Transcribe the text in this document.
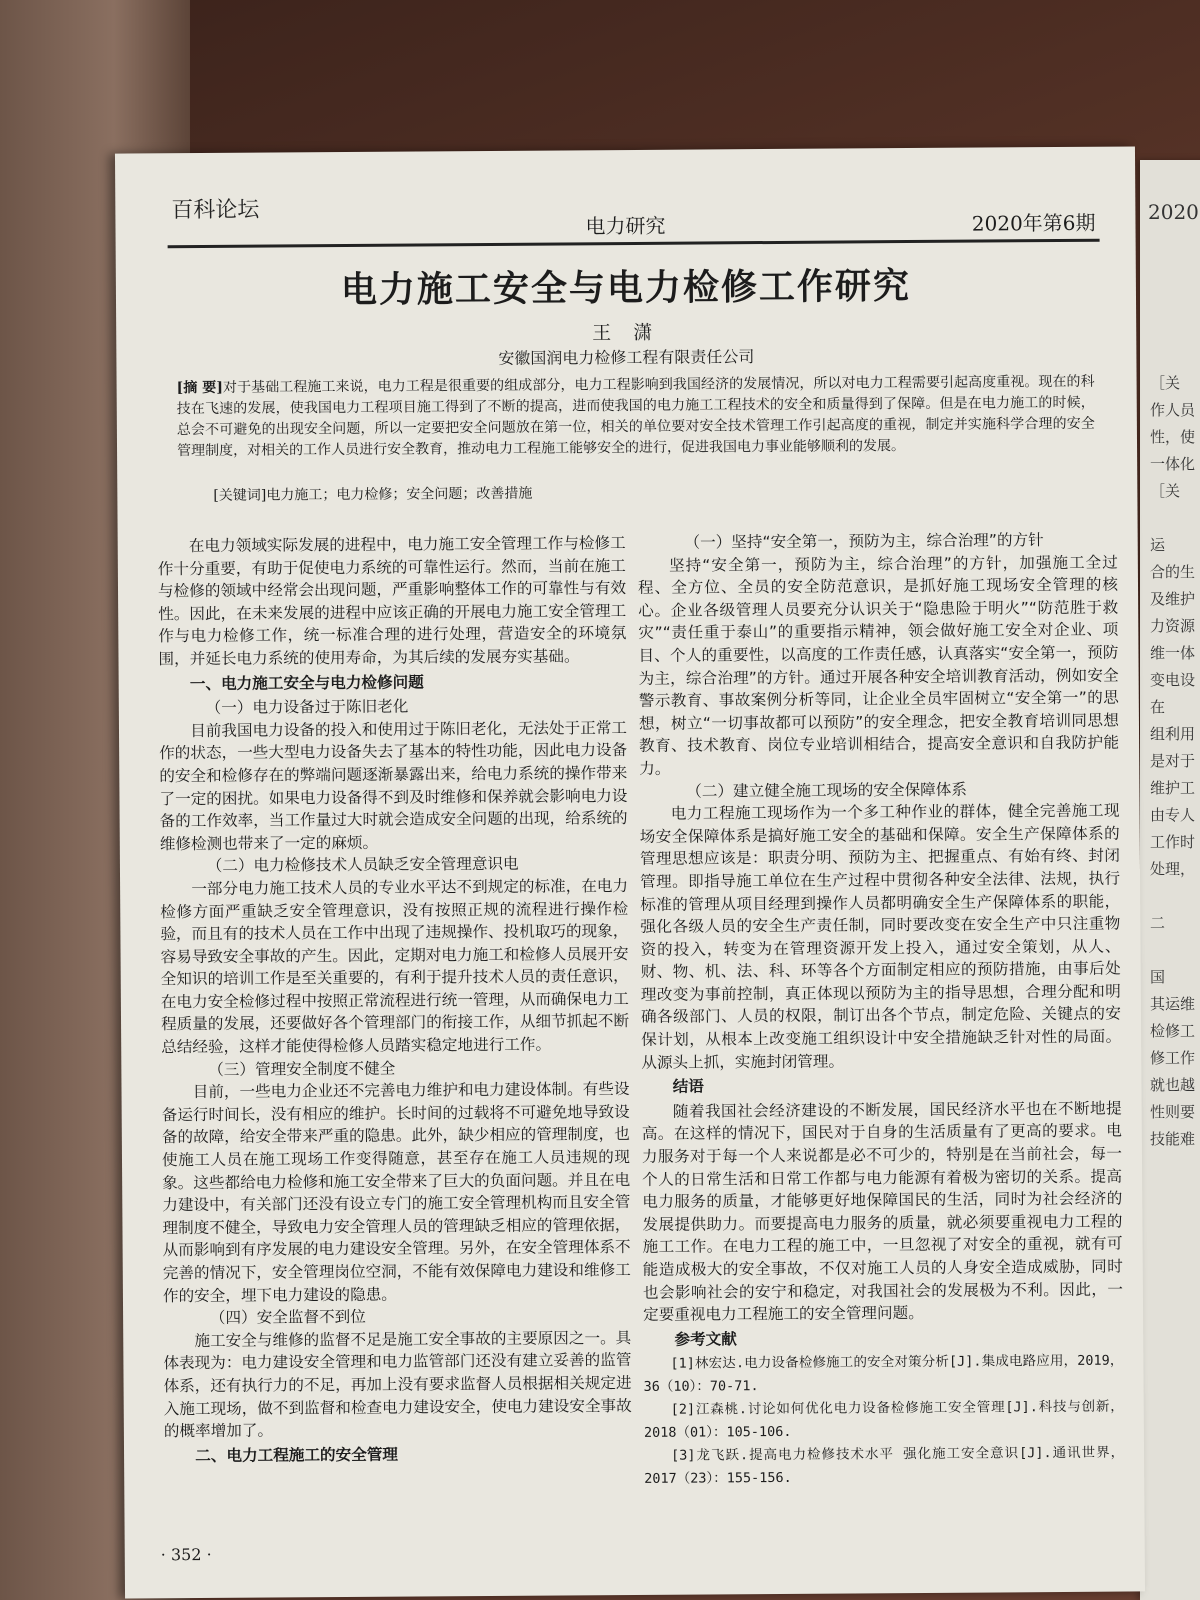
2020
［关
作人员
性，使
一体化
［关

运
合的生
及维护
力资源
维一体
变电设
在
组利用
是对于
维护工
由专人
工作时
处理，

二

国
其运维
检修工
修工作
就也越
性则要
技能难
百科论坛
电力研究	2020年第6期
电力施工安全与电力检修工作研究
王 潇
安徽国润电力检修工程有限责任公司
[摘 要]对于基础工程施工来说，电力工程是很重要的组成部分，电力工程影响到我国经济的发展情况，所以对电力工程需要引起高度重视。现在的科技在飞速的发展，使我国电力工程项目施工得到了不断的提高，进而使我国的电力施工工程技术的安全和质量得到了保障。但是在电力施工的时候，总会不可避免的出现安全问题，所以一定要把安全问题放在第一位，相关的单位要对安全技术管理工作引起高度的重视，制定并实施科学合理的安全管理制度，对相关的工作人员进行安全教育，推动电力工程施工能够安全的进行，促进我国电力事业能够顺利的发展。
[关键词]电力施工；电力检修；安全问题；改善措施

在电力领域实际发展的进程中，电力施工安全管理工作与检修工作十分重要，有助于促使电力系统的可靠性运行。然而，当前在施工与检修的领域中经常会出现问题，严重影响整体工作的可靠性与有效性。因此，在未来发展的进程中应该正确的开展电力施工安全管理工作与电力检修工作，统一标准合理的进行处理，营造安全的环境氛围，并延长电力系统的使用寿命，为其后续的发展夯实基础。

一、电力施工安全与电力检修问题
（一）电力设备过于陈旧老化

目前我国电力设备的投入和使用过于陈旧老化，无法处于正常工作的状态，一些大型电力设备失去了基本的特性功能，因此电力设备的安全和检修存在的弊端问题逐渐暴露出来，给电力系统的操作带来了一定的困扰。如果电力设备得不到及时维修和保养就会影响电力设备的工作效率，当工作量过大时就会造成安全问题的出现，给系统的维修检测也带来了一定的麻烦。

（二）电力检修技术人员缺乏安全管理意识电

一部分电力施工技术人员的专业水平达不到规定的标准，在电力检修方面严重缺乏安全管理意识，没有按照正规的流程进行操作检验，而且有的技术人员在工作中出现了违规操作、投机取巧的现象，容易导致安全事故的产生。因此，定期对电力施工和检修人员展开安全知识的培训工作是至关重要的，有利于提升技术人员的责任意识，在电力安全检修过程中按照正常流程进行统一管理，从而确保电力工程质量的发展，还要做好各个管理部门的衔接工作，从细节抓起不断总结经验，这样才能使得检修人员踏实稳定地进行工作。

（三）管理安全制度不健全

目前，一些电力企业还不完善电力维护和电力建设体制。有些设备运行时间长，没有相应的维护。长时间的过载将不可避免地导致设备的故障，给安全带来严重的隐患。此外，缺少相应的管理制度，也使施工人员在施工现场工作变得随意，甚至存在施工人员违规的现象。这些都给电力检修和施工安全带来了巨大的负面问题。并且在电力建设中，有关部门还没有设立专门的施工安全管理机构而且安全管理制度不健全，导致电力安全管理人员的管理缺乏相应的管理依据，从而影响到有序发展的电力建设安全管理。另外，在安全管理体系不完善的情况下，安全管理岗位空洞，不能有效保障电力建设和维修工作的安全，埋下电力建设的隐患。

（四）安全监督不到位

施工安全与维修的监督不足是施工安全事故的主要原因之一。具体表现为：电力建设安全管理和电力监管部门还没有建立妥善的监管体系，还有执行力的不足，再加上没有要求监督人员根据相关规定进入施工现场，做不到监督和检查电力建设安全，使电力建设安全事故的概率增加了。

二、电力工程施工的安全管理
（一）坚持“安全第一，预防为主，综合治理”的方针

坚持“安全第一，预防为主，综合治理”的方针，加强施工全过程、全方位、全员的安全防范意识，是抓好施工现场安全管理的核心。企业各级管理人员要充分认识关于“隐患险于明火”“防范胜于救灾”“责任重于泰山”的重要指示精神，领会做好施工安全对企业、项目、个人的重要性，以高度的工作责任感，认真落实“安全第一，预防为主，综合治理”的方针。通过开展各种安全培训教育活动，例如安全警示教育、事故案例分析等同，让企业全员牢固树立“安全第一”的思想，树立“一切事故都可以预防”的安全理念，把安全教育培训同思想教育、技术教育、岗位专业培训相结合，提高安全意识和自我防护能力。

（二）建立健全施工现场的安全保障体系

电力工程施工现场作为一个多工种作业的群体，健全完善施工现场安全保障体系是搞好施工安全的基础和保障。安全生产保障体系的管理思想应该是：职责分明、预防为主、把握重点、有始有终、封闭管理。即指导施工单位在生产过程中贯彻各种安全法律、法规，执行标准的管理从项目经理到操作人员都明确安全生产保障体系的职能，强化各级人员的安全生产责任制，同时要改变在安全生产中只注重物资的投入，转变为在管理资源开发上投入，通过安全策划，从人、财、物、机、法、科、环等各个方面制定相应的预防措施，由事后处理改变为事前控制，真正体现以预防为主的指导思想，合理分配和明确各级部门、人员的权限，制订出各个节点，制定危险、关键点的安保计划，从根本上改变施工组织设计中安全措施缺乏针对性的局面。从源头上抓，实施封闭管理。

结语

随着我国社会经济建设的不断发展，国民经济水平也在不断地提高。在这样的情况下，国民对于自身的生活质量有了更高的要求。电力服务对于每一个人来说都是必不可少的，特别是在当前社会，每一个人的日常生活和日常工作都与电力能源有着极为密切的关系。提高电力服务的质量，才能够更好地保障国民的生活，同时为社会经济的发展提供助力。而要提高电力服务的质量，就必须要重视电力工程的施工工作。在电力工程的施工中，一旦忽视了对安全的重视，就有可能造成极大的安全事故，不仅对施工人员的人身安全造成威胁，同时也会影响社会的安宁和稳定，对我国社会的发展极为不利。因此，一定要重视电力工程施工的安全管理问题。

参考文献

[1]林宏达.电力设备检修施工的安全对策分析[J].集成电路应用，2019，36（10）：70-71.

[2]江森桃.讨论如何优化电力设备检修施工安全管理[J].科技与创新，2018（01）：105-106.

[3]龙飞跃.提高电力检修技术水平 强化施工安全意识[J].通讯世界，2017（23）：155-156.

· 352 ·
